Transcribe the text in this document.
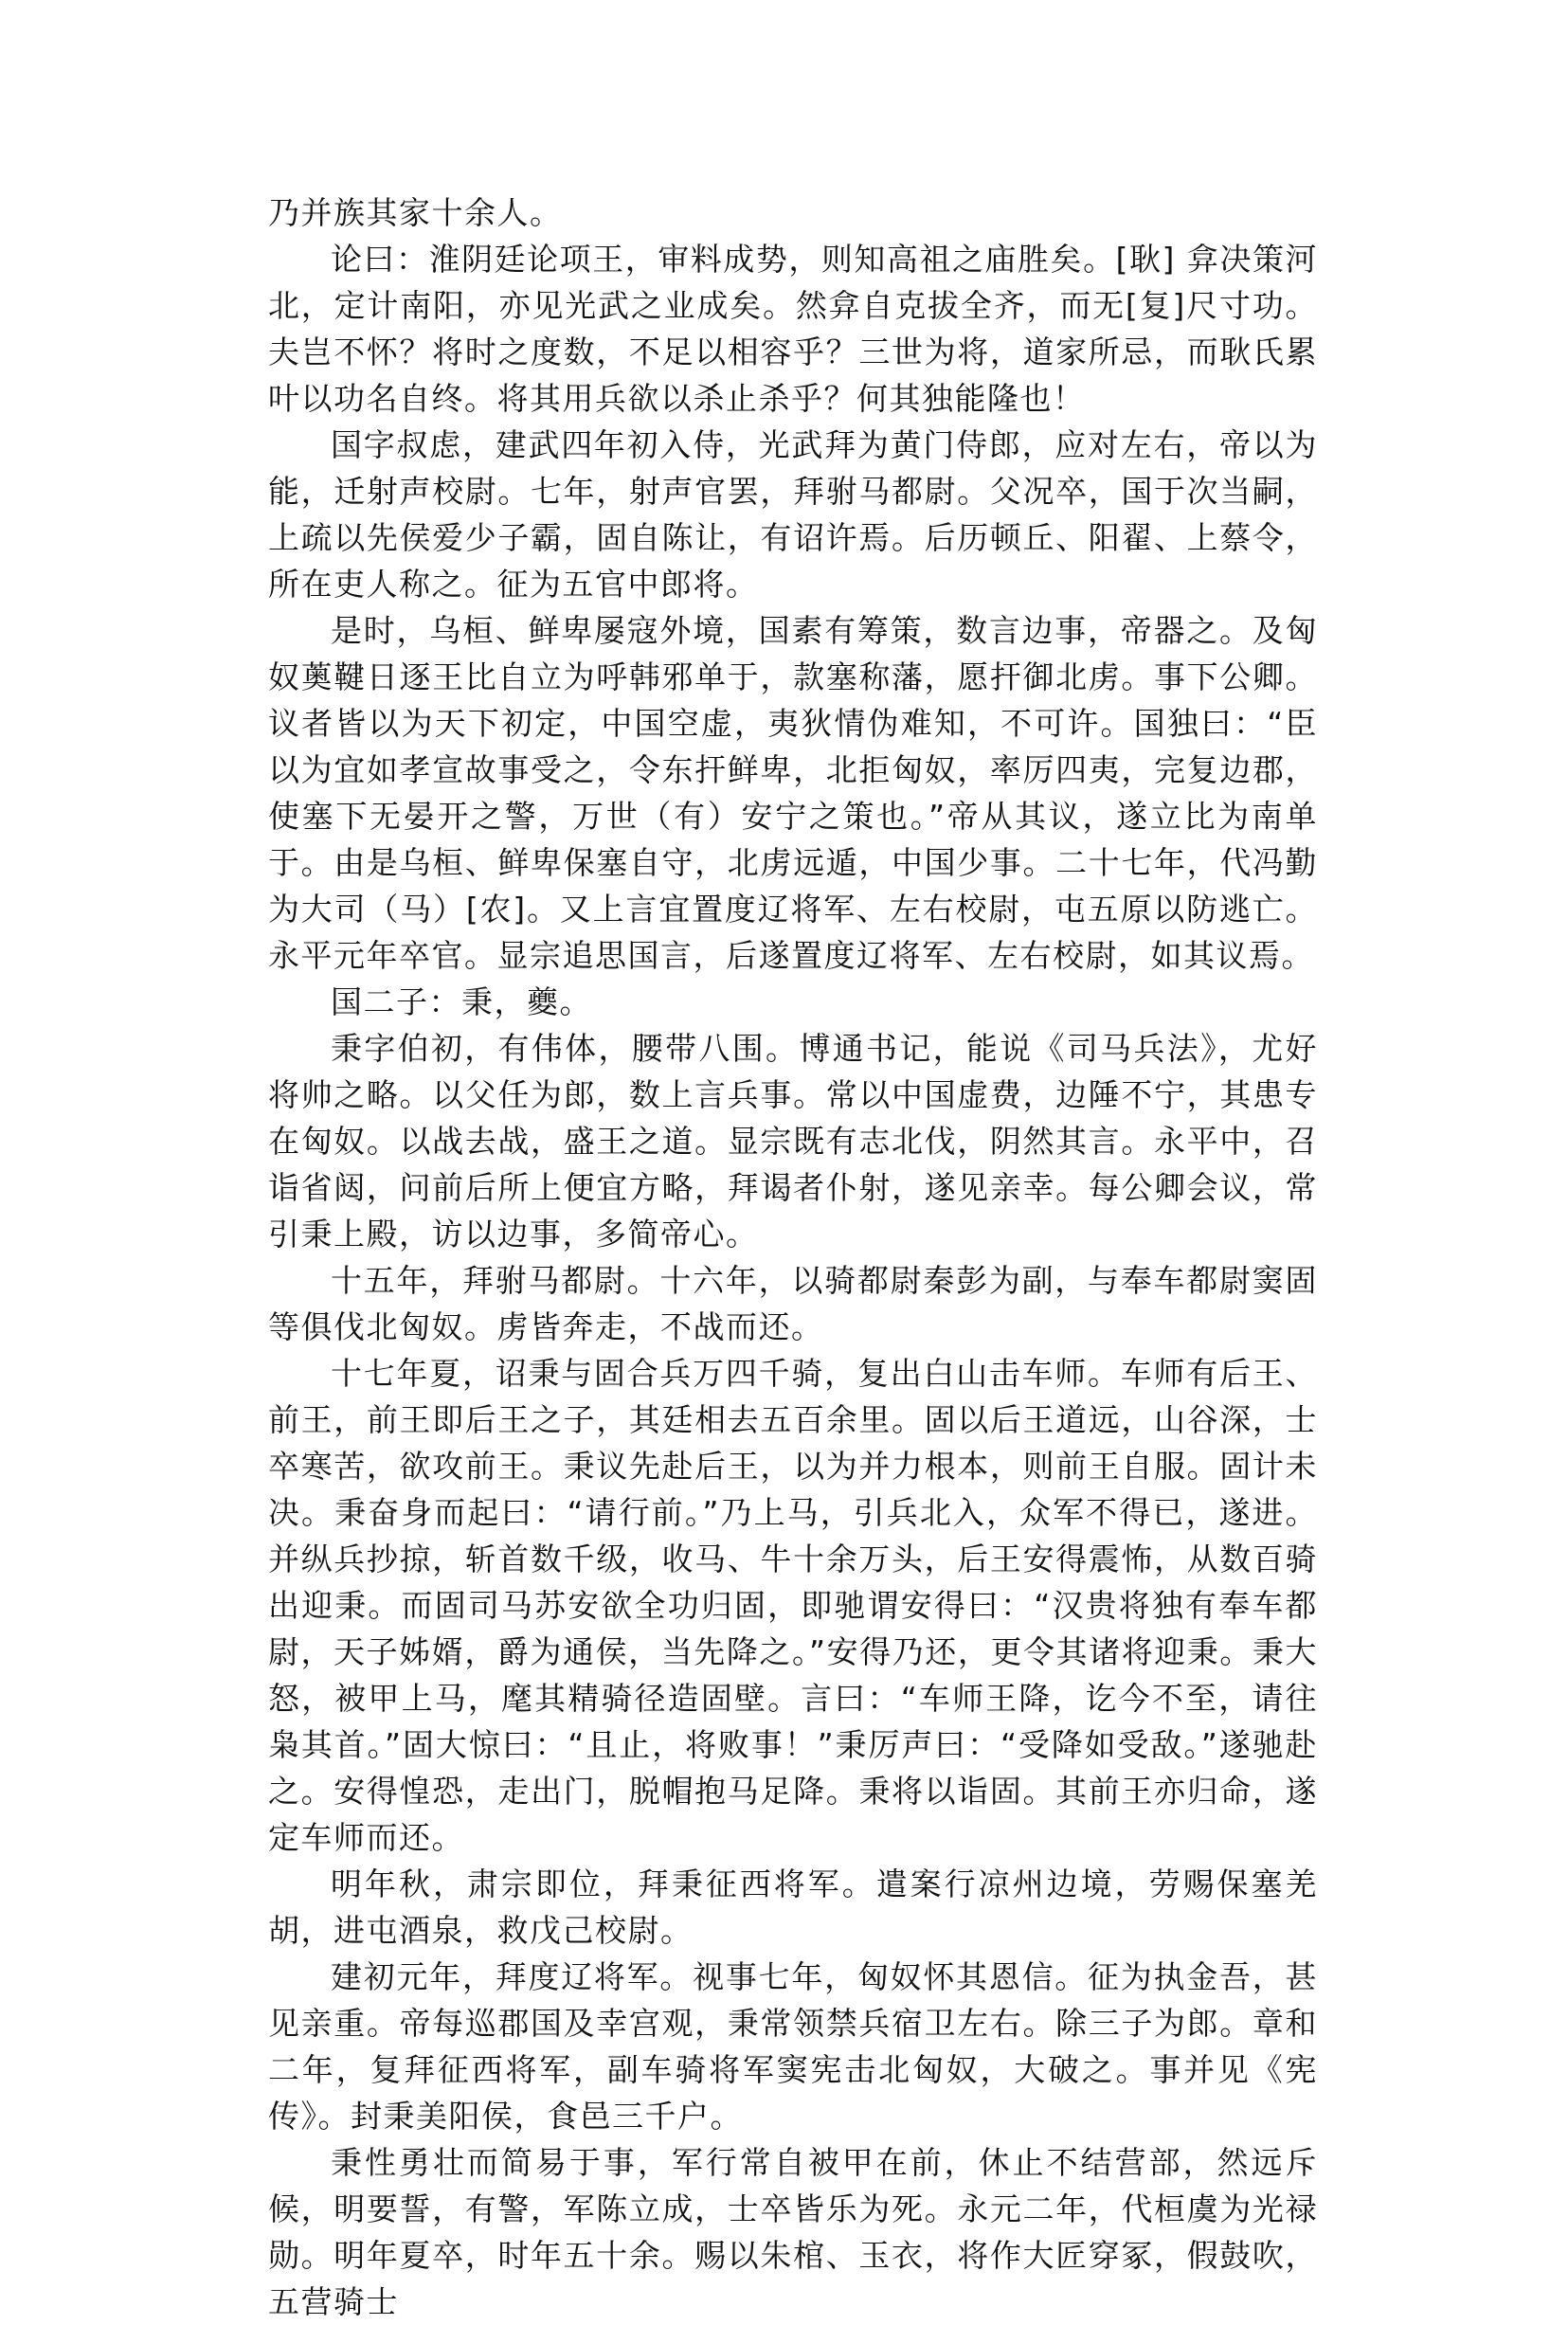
乃并族其家十余人。

论曰：淮阴廷论项王，审料成势，则知高祖之庙胜矣。[耿] 弇决策河北，定计南阳，亦见光武之业成矣。然弇自克拔全齐，而无[复]尺寸功。夫岂不怀？将时之度数，不足以相容乎？三世为将，道家所忌，而耿氏累叶以功名自终。将其用兵欲以杀止杀乎？何其独能隆也！

国字叔虑，建武四年初入侍，光武拜为黄门侍郎，应对左右，帝以为能，迁射声校尉。七年，射声官罢，拜驸马都尉。父况卒，国于次当嗣，上疏以先侯爱少子霸，固自陈让，有诏许焉。后历顿丘、阳翟、上蔡令，所在吏人称之。征为五官中郎将。

是时，乌桓、鲜卑屡寇外境，国素有筹策，数言边事，帝器之。及匈奴薁鞬日逐王比自立为呼韩邪单于，款塞称藩，愿扞御北虏。事下公卿。议者皆以为天下初定，中国空虚，夷狄情伪难知，不可许。国独曰：“臣以为宜如孝宣故事受之，令东扞鲜卑，北拒匈奴，率厉四夷，完复边郡，使塞下无晏开之警，万世（有）安宁之策也。”帝从其议，遂立比为南单于。由是乌桓、鲜卑保塞自守，北虏远遁，中国少事。二十七年，代冯勤为大司（马）[农]。又上言宜置度辽将军、左右校尉，屯五原以防逃亡。永平元年卒官。显宗追思国言，后遂置度辽将军、左右校尉，如其议焉。

国二子：秉，夔。

秉字伯初，有伟体，腰带八围。博通书记，能说《司马兵法》，尤好将帅之略。以父任为郎，数上言兵事。常以中国虚费，边陲不宁，其患专在匈奴。以战去战，盛王之道。显宗既有志北伐，阴然其言。永平中，召诣省闼，问前后所上便宜方略，拜谒者仆射，遂见亲幸。每公卿会议，常引秉上殿，访以边事，多简帝心。

十五年，拜驸马都尉。十六年，以骑都尉秦彭为副，与奉车都尉窦固等俱伐北匈奴。虏皆奔走，不战而还。

十七年夏，诏秉与固合兵万四千骑，复出白山击车师。车师有后王、前王，前王即后王之子，其廷相去五百余里。固以后王道远，山谷深，士卒寒苦，欲攻前王。秉议先赴后王，以为并力根本，则前王自服。固计未决。秉奋身而起曰：“请行前。”乃上马，引兵北入，众军不得已，遂进。并纵兵抄掠，斩首数千级，收马、牛十余万头，后王安得震怖，从数百骑出迎秉。而固司马苏安欲全功归固，即驰谓安得曰：“汉贵将独有奉车都尉，天子姊婿，爵为通侯，当先降之。”安得乃还，更令其诸将迎秉。秉大怒，被甲上马，麾其精骑径造固壁。言曰：“车师王降，讫今不至，请往枭其首。”固大惊曰：“且止，将败事！”秉厉声曰：“受降如受敌。”遂驰赴之。安得惶恐，走出门，脱帽抱马足降。秉将以诣固。其前王亦归命，遂定车师而还。

明年秋，肃宗即位，拜秉征西将军。遣案行凉州边境，劳赐保塞羌胡，进屯酒泉，救戊己校尉。

建初元年，拜度辽将军。视事七年，匈奴怀其恩信。征为执金吾，甚见亲重。帝每巡郡国及幸宫观，秉常领禁兵宿卫左右。除三子为郎。章和二年，复拜征西将军，副车骑将军窦宪击北匈奴，大破之。事并见《宪传》。封秉美阳侯，食邑三千户。

秉性勇壮而简易于事，军行常自被甲在前，休止不结营部，然远斥候，明要誓，有警，军陈立成，士卒皆乐为死。永元二年，代桓虞为光禄勋。明年夏卒，时年五十余。赐以朱棺、玉衣，将作大匠穿冢，假鼓吹，五营骑士
